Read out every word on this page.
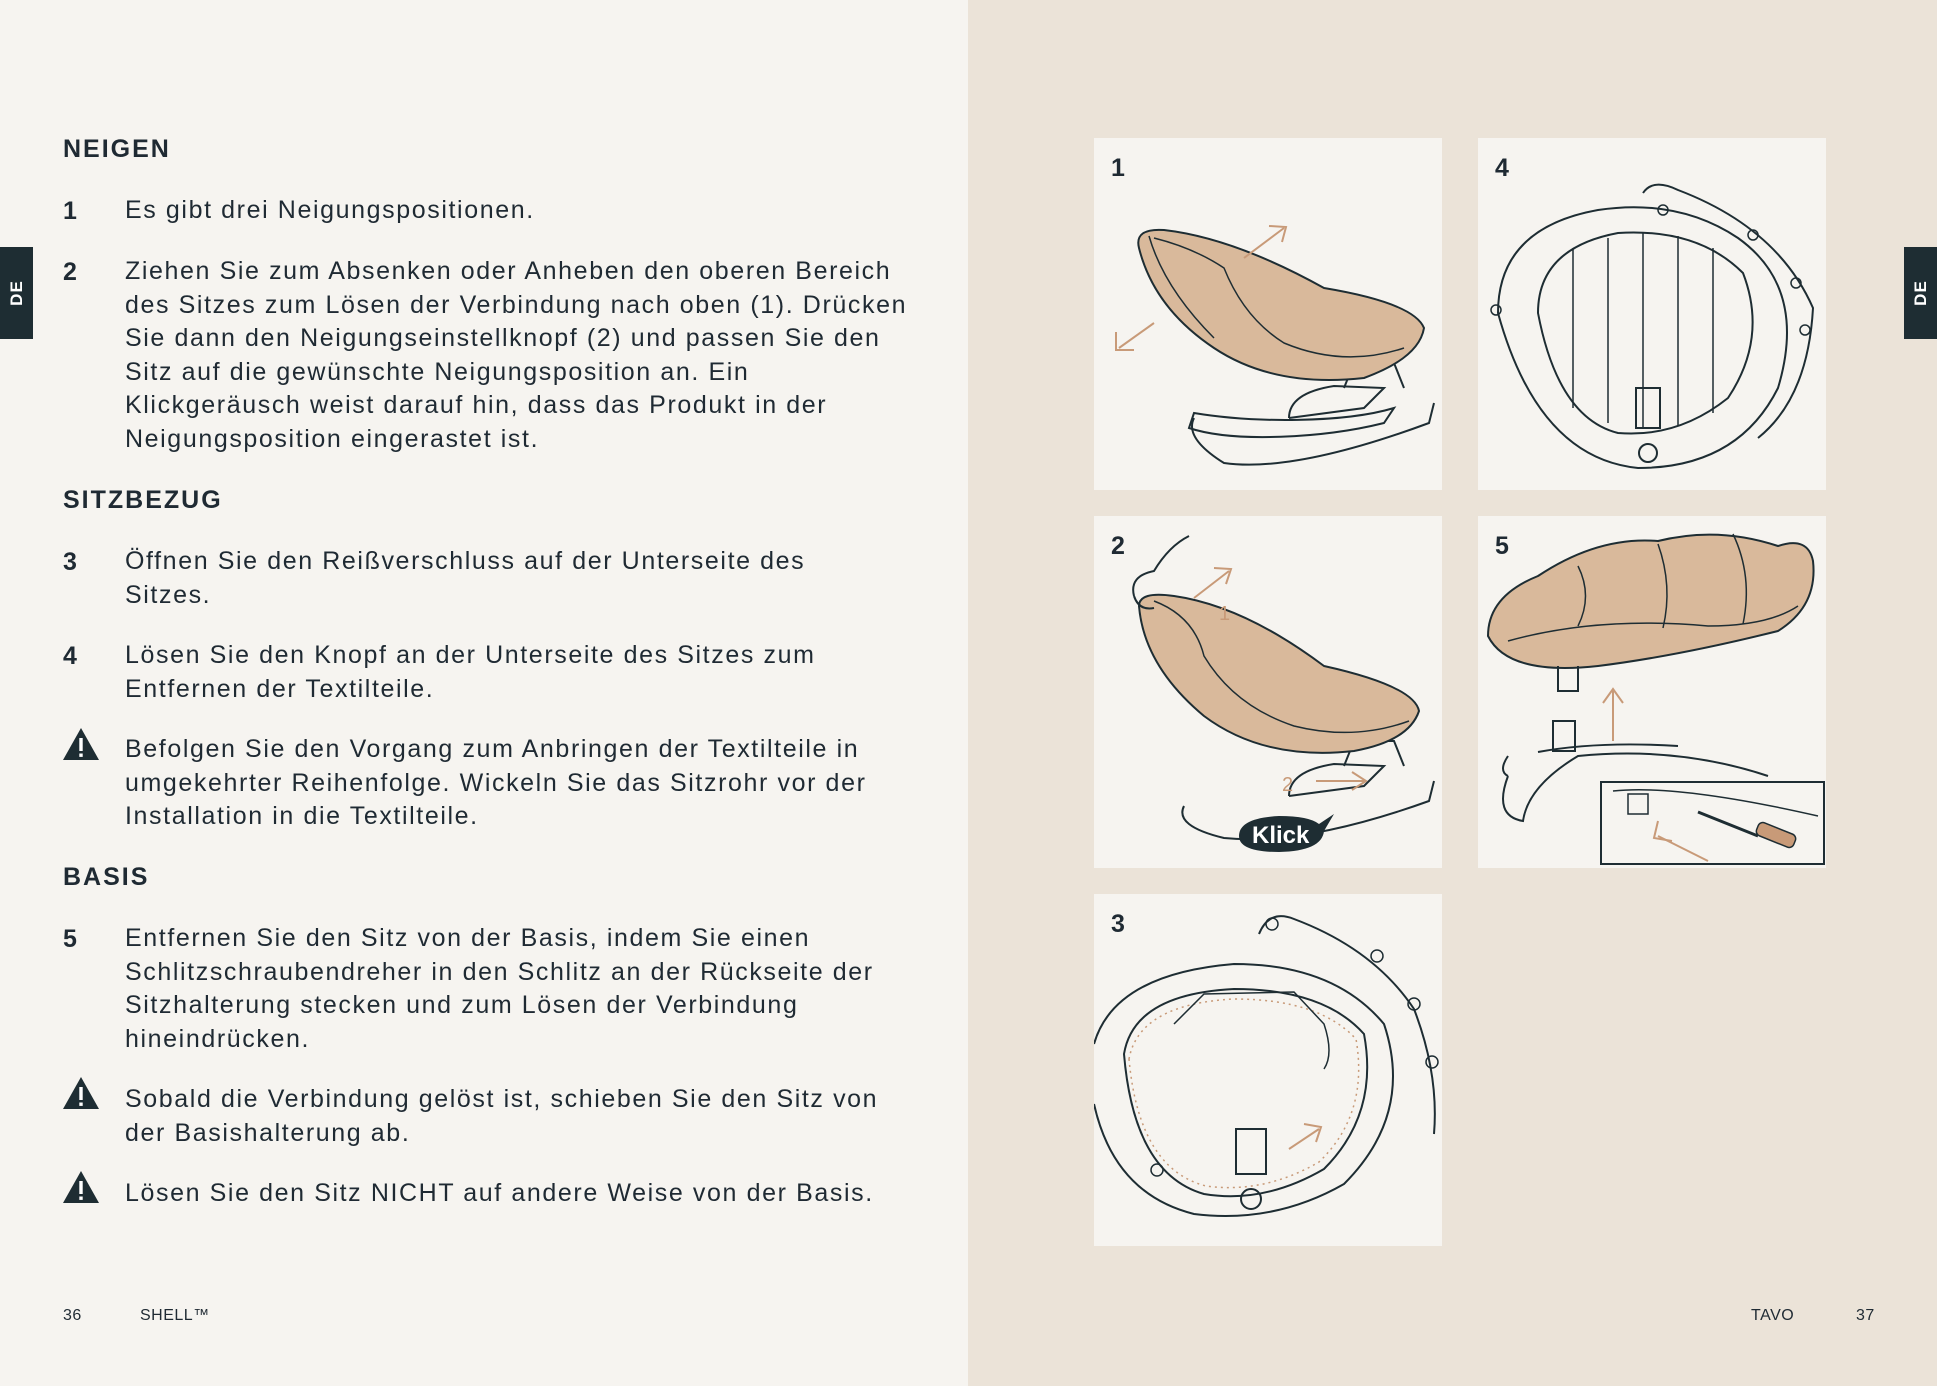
DE	DE
NEIGEN
1 Es gibt drei Neigungspositionen.
2 Ziehen Sie zum Absenken oder Anheben den oberen Bereich des Sitzes zum Lösen der Verbindung nach oben (1). Drücken Sie dann den Neigungseinstellknopf (2) und passen Sie den Sitz auf die gewünschte Neigungsposition an. Ein Klickgeräusch weist darauf hin, dass das Produkt in der Neigungsposition eingerastet ist.
SITZBEZUG
3 Öffnen Sie den Reißverschluss auf der Unterseite des Sitzes.
4 Lösen Sie den Knopf an der Unterseite des Sitzes zum Entfernen der Textilteile.
Befolgen Sie den Vorgang zum Anbringen der Textilteile in umgekehrter Reihenfolge. Wickeln Sie das Sitzrohr vor der Installation in die Textilteile.
BASIS
5 Entfernen Sie den Sitz von der Basis, indem Sie einen Schlitzschraubendreher in den Schlitz an der Rückseite der Sitzhalterung stecken und zum Lösen der Verbindung hineindrücken.
Sobald die Verbindung gelöst ist, schieben Sie den Sitz von der Basishalterung ab.
Lösen Sie den Sitz NICHT auf andere Weise von der Basis.
36	SHELL™	TAVO	37
1	4
1
2
Klick
2	5
3
